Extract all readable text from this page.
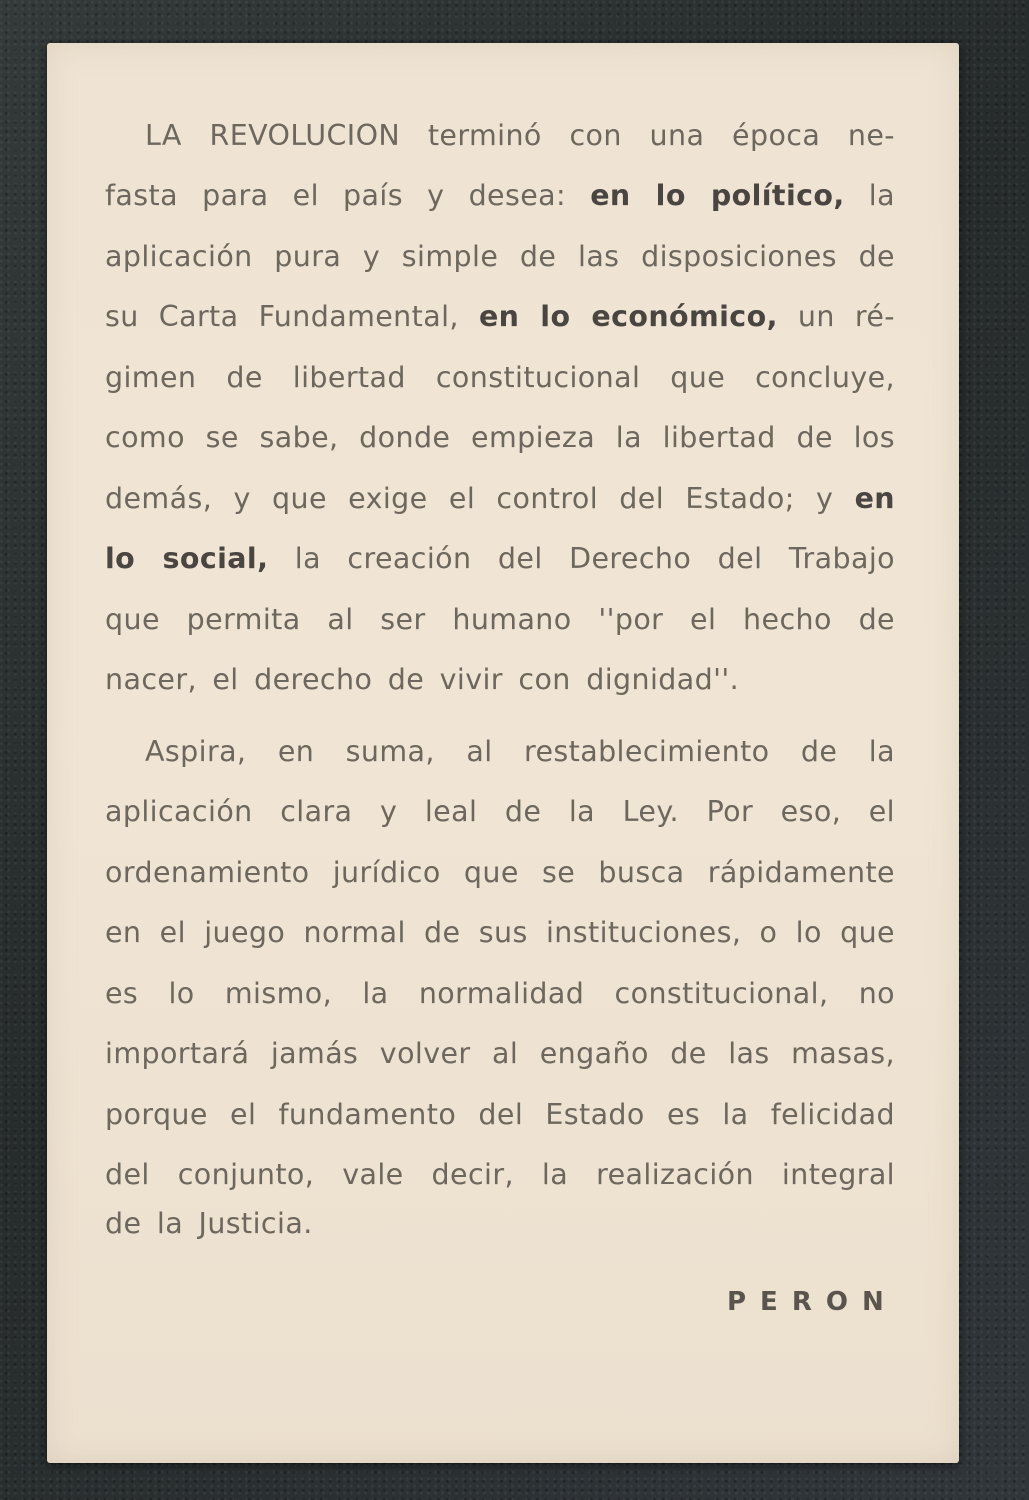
LA REVOLUCION terminó con una época ne-
fasta para el país y desea: en lo político, la
aplicación pura y simple de las disposiciones de
su Carta Fundamental, en lo económico, un ré-
gimen de libertad constitucional que concluye,
como se sabe, donde empieza la libertad de los
demás, y que exige el control del Estado; y en
lo social, la creación del Derecho del Trabajo
que permita al ser humano ''por el hecho de
nacer, el derecho de vivir con dignidad''.
Aspira, en suma, al restablecimiento de la
aplicación clara y leal de la Ley. Por eso, el
ordenamiento jurídico que se busca rápidamente
en el juego normal de sus instituciones, o lo que
es lo mismo, la normalidad constitucional, no
importará jamás volver al engaño de las masas,
porque el fundamento del Estado es la felicidad
del conjunto, vale decir, la realización integral
de la Justicia.
PERON
